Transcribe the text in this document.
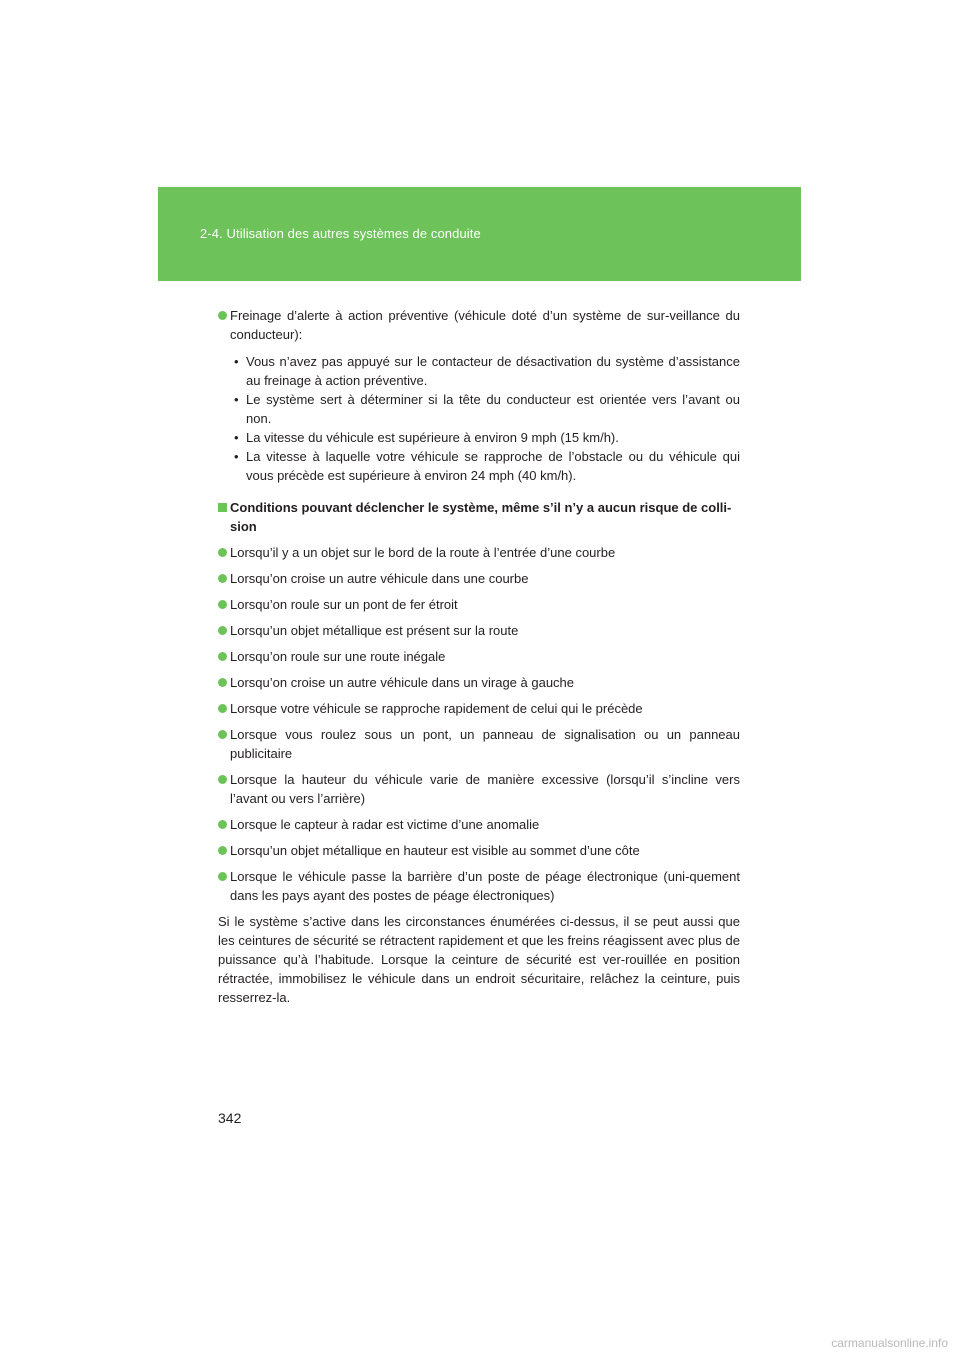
2-4. Utilisation des autres systèmes de conduite
Freinage d’alerte à action préventive (véhicule doté d’un système de sur-veillance du conducteur):
• Vous n’avez pas appuyé sur le contacteur de désactivation du système d’assistance au freinage à action préventive.
• Le système sert à déterminer si la tête du conducteur est orientée vers l’avant ou non.
• La vitesse du véhicule est supérieure à environ 9 mph (15 km/h).
• La vitesse à laquelle votre véhicule se rapproche de l’obstacle ou du véhicule qui vous précède est supérieure à environ 24 mph (40 km/h).
Conditions pouvant déclencher le système, même s’il n’y a aucun risque de colli-sion
Lorsqu’il y a un objet sur le bord de la route à l’entrée d’une courbe
Lorsqu’on croise un autre véhicule dans une courbe
Lorsqu’on roule sur un pont de fer étroit
Lorsqu’un objet métallique est présent sur la route
Lorsqu’on roule sur une route inégale
Lorsqu’on croise un autre véhicule dans un virage à gauche
Lorsque votre véhicule se rapproche rapidement de celui qui le précède
Lorsque vous roulez sous un pont, un panneau de signalisation ou un panneau publicitaire
Lorsque la hauteur du véhicule varie de manière excessive (lorsqu’il s’incline vers l’avant ou vers l’arrière)
Lorsque le capteur à radar est victime d’une anomalie
Lorsqu’un objet métallique en hauteur est visible au sommet d’une côte
Lorsque le véhicule passe la barrière d’un poste de péage électronique (uni-quement dans les pays ayant des postes de péage électroniques)
Si le système s’active dans les circonstances énumérées ci-dessus, il se peut aussi que les ceintures de sécurité se rétractent rapidement et que les freins réagissent avec plus de puissance qu’à l’habitude. Lorsque la ceinture de sécurité est ver-rouillée en position rétractée, immobilisez le véhicule dans un endroit sécuritaire, relâchez la ceinture, puis resserrez-la.
342
carmanualsonline.info
